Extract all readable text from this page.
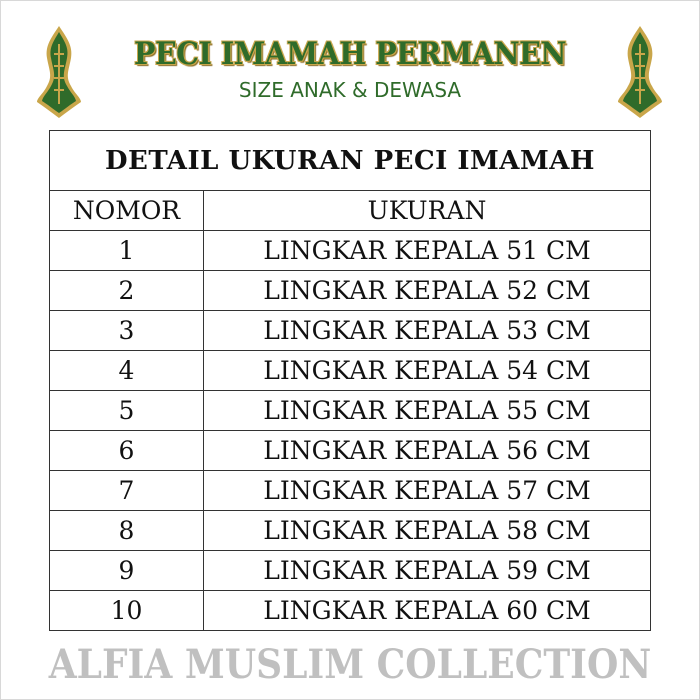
PECI IMAMAH PERMANEN
SIZE ANAK & DEWASA
DETAIL UKURAN PECI IMAMAH	
NOMOR	UKURAN
1	LINGKAR KEPALA 51 CM
2	LINGKAR KEPALA 52 CM
3	LINGKAR KEPALA 53 CM
4	LINGKAR KEPALA 54 CM
5	LINGKAR KEPALA 55 CM
6	LINGKAR KEPALA 56 CM
7	LINGKAR KEPALA 57 CM
8	LINGKAR KEPALA 58 CM
9	LINGKAR KEPALA 59 CM
10	LINGKAR KEPALA 60 CM
ALFIA MUSLIM COLLECTION
